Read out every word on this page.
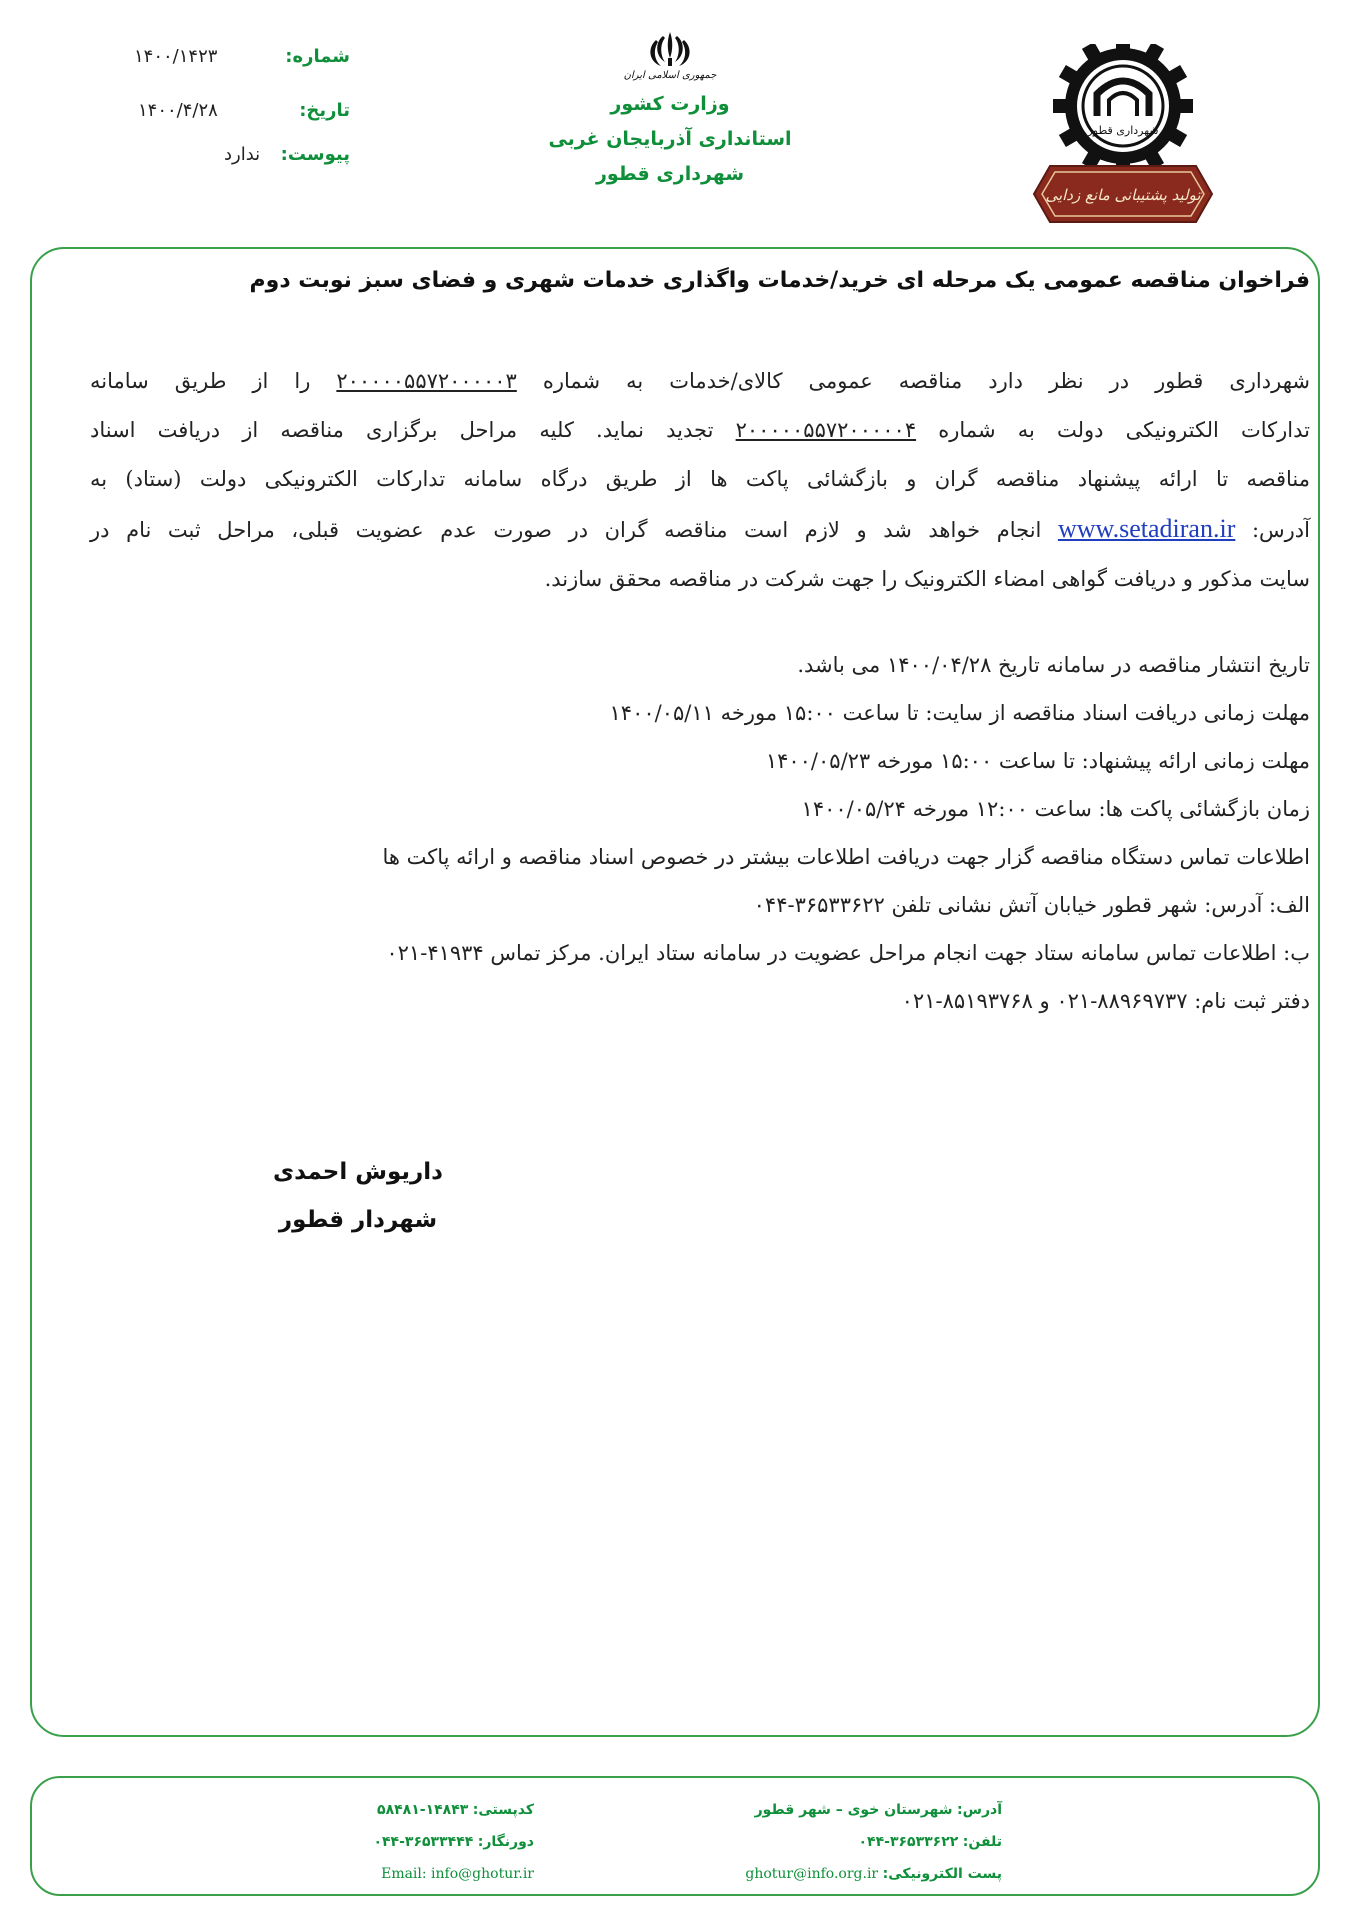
شماره:
۱۴۰۰/۱۴۲۳
تاریخ:
۱۴۰۰/۴/۲۸
پیوست:
ندارد
جمهوری اسلامی ایران
وزارت کشور
استانداری آذربایجان غربی
شهرداری قطور
شهرداری قطور
تولید پشتیبانی مانع زدایی
فراخوان مناقصه عمومی یک مرحله ای خرید/خدمات واگذاری خدمات شهری و فضای سبز نوبت دوم
شهرداری قطور در نظر دارد مناقصه عمومی کالای/خدمات به شماره ۲۰۰۰۰۰۵۵۷۲۰۰۰۰۰۳ را از طریق سامانه
تدارکات الکترونیکی دولت به شماره ۲۰۰۰۰۰۵۵۷۲۰۰۰۰۰۴ تجدید نماید. کلیه مراحل برگزاری مناقصه از دریافت اسناد
مناقصه تا ارائه پیشنهاد مناقصه گران و بازگشائی پاکت ها از طریق درگاه سامانه تدارکات الکترونیکی دولت (ستاد) به
آدرس: www.setadiran.ir انجام خواهد شد و لازم است مناقصه گران در صورت عدم عضویت قبلی، مراحل ثبت نام در
سایت مذکور و دریافت گواهی امضاء الکترونیک را جهت شرکت در مناقصه محقق سازند.
تاریخ انتشار مناقصه در سامانه تاریخ ۱۴۰۰/۰۴/۲۸ می باشد.
مهلت زمانی دریافت اسناد مناقصه از سایت: تا ساعت ۱۵:۰۰ مورخه ۱۴۰۰/۰۵/۱۱
مهلت زمانی ارائه پیشنهاد: تا ساعت ۱۵:۰۰ مورخه ۱۴۰۰/۰۵/۲۳
زمان بازگشائی پاکت ها: ساعت ۱۲:۰۰ مورخه ۱۴۰۰/۰۵/۲۴
اطلاعات تماس دستگاه مناقصه گزار جهت دریافت اطلاعات بیشتر در خصوص اسناد مناقصه و ارائه پاکت ها
الف: آدرس: شهر قطور خیابان آتش نشانی تلفن ۳۶۵۳۳۶۲۲-۰۴۴
ب: اطلاعات تماس سامانه ستاد جهت انجام مراحل عضویت در سامانه ستاد ایران. مرکز تماس ۴۱۹۳۴-۰۲۱
دفتر ثبت نام: ۸۸۹۶۹۷۳۷-۰۲۱ و ۸۵۱۹۳۷۶۸-۰۲۱
داریوش احمدی
شهردار قطور
آدرس: شهرستان خوی – شهر قطور
تلفن: ۳۶۵۳۳۶۲۲-۰۴۴
پست الکترونیکی: ghotur@info.org.ir
کدپستی: ۱۴۸۴۳-۵۸۴۸۱
دورنگار: ۳۶۵۳۳۴۴۴-۰۴۴
Email: info@ghotur.ir
